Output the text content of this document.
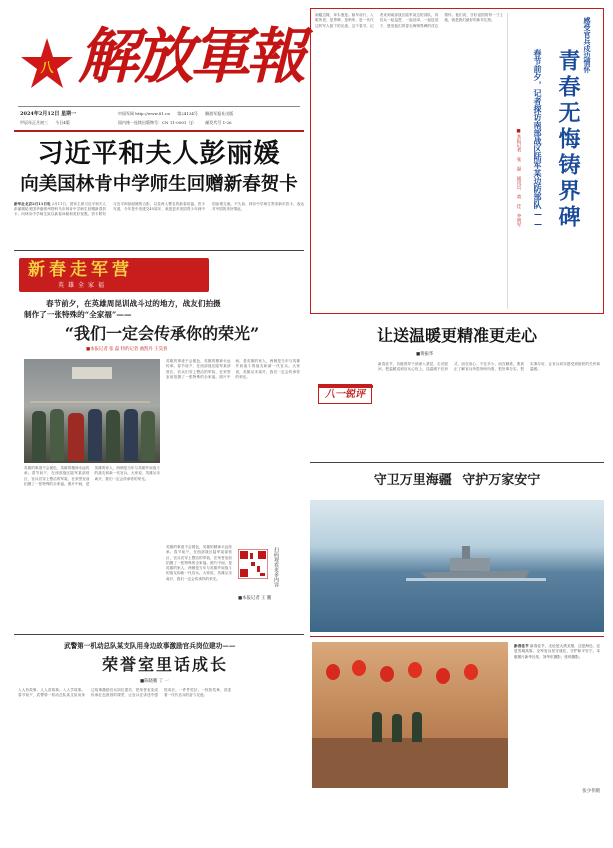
八 解放軍報
2024年2月12日 星期一
甲辰年正月初三 今日4版
中国军网 http://www.81.cn 第24134号 解放军报社出版
国内统一连续出版物号：CN 11-0001（J） 邮发代号 1-26
习近平和夫人彭丽媛
向美国林肯中学师生回赠新春贺卡
新华社北京2月11日电 2月11日，国家主席习近平和夫人彭丽媛给美国华盛顿州塔科马市林肯中学师生回赠新春贺卡，向林肯中学师生致以新春问候和美好祝愿。贺卡附有习近平和彭丽媛的合影，以及两人署名的新春祝福。贺卡写道，今年是中美建交45周年，欢迎更多美国青少年到中国参观交流。不久前，林肯中学师生寄来新年贺卡，表达对中国的美好情谊。
新 春 走 军 营
英雄全家福
春节前夕，在英雄周昆训战斗过的地方，战友们拍摄
制作了一张特殊的“全家福”——
“我们一定会传承你的荣光”
■本报记者 张 磊 特约记者 曲凯丹 王昊普
英雄的事迹不会褪色，英雄的精神永远传承。春节前夕，在西部战区陆军某部营区，官兵们穿上整洁的军装，在荣誉室前拍摄了一张特殊的全家福。照片中间，是英雄的家人，两侧是当年与英雄并肩战斗的战友和新一代官兵。大家说，英雄从未离开，我们一定会传承你的荣光。
英雄的事迹不会褪色，英雄的精神永远传承。春节前夕，在西部战区陆军某部营区，官兵们穿上整洁的军装，在荣誉室前拍摄了一张特殊的全家福。照片中间，是英雄的家人，两侧是当年与英雄并肩战斗的战友和新一代官兵。大家说，英雄从未离开，我们一定会传承你的荣光。
英雄的事迹不会褪色，英雄的精神永远传承。春节前夕，在西部战区陆军某部营区，官兵们穿上整洁的军装，在荣誉室前拍摄了一张特殊的全家福。照片中间，是英雄的家人，两侧是当年与英雄并肩战斗的战友和新一代官兵。大家说，英雄从未离开，我们一定会传承你的荣光。	扫码观看更多内容
■本报记者 王 鹏
南疆边陲，草木葱茏。驱车前行，入眼所见，是界碑、是哨所、是一代代边防军人留下的足迹。这个春节，记者来到南部战区陆军某边防部队，同官兵一起巡逻、一起站岗、一起包饺子，感受他们青春无悔铸界碑的戍边情怀。他们说，守好祖国的每一寸土地，就是我们最好的新年礼物。
青春无悔铸界碑
春节前夕，记者探访南部战区陆军某边防部队——
感受官兵戍边情怀
■本报记者 张 磊 通讯员 黄 佳 李明军
让送温暖更精准更走心
■黄振华
八一锐评
新春佳节，各级领导干部深入基层，走访慰问，把温暖送到官兵心坎上。送温暖不在形式，而在用心；不在多少，而在精准。要真正了解官兵所思所盼所需，把好事办实、把实事办好，让官兵切实感受到组织的关怀和温暖。
守卫万里海疆 守护万家安宁
武警第一机动总队某支队用身边故事激励官兵岗位建功——
荣誉室里话成长
■陈晓鹏 丁 一
入人有故事，人人讲故事。入人学故事。春节前夕，武警第一机动总队某支队用身边故事激励官兵岗位建功，把荣誉室变成传承红色基因的课堂，让官兵在讲述中感悟成长。一件件奖状，一枚枚奖章，讲述着一代代官兵的奋斗足迹。
新春佳节 新春佳节，无论是大漠戈壁，还是海岛，还是雪域高原，全军官兵坚守战位，守护和平安宁。本版图片新华社发，刘华东摄影，张帅摄影。
张少伟摄
